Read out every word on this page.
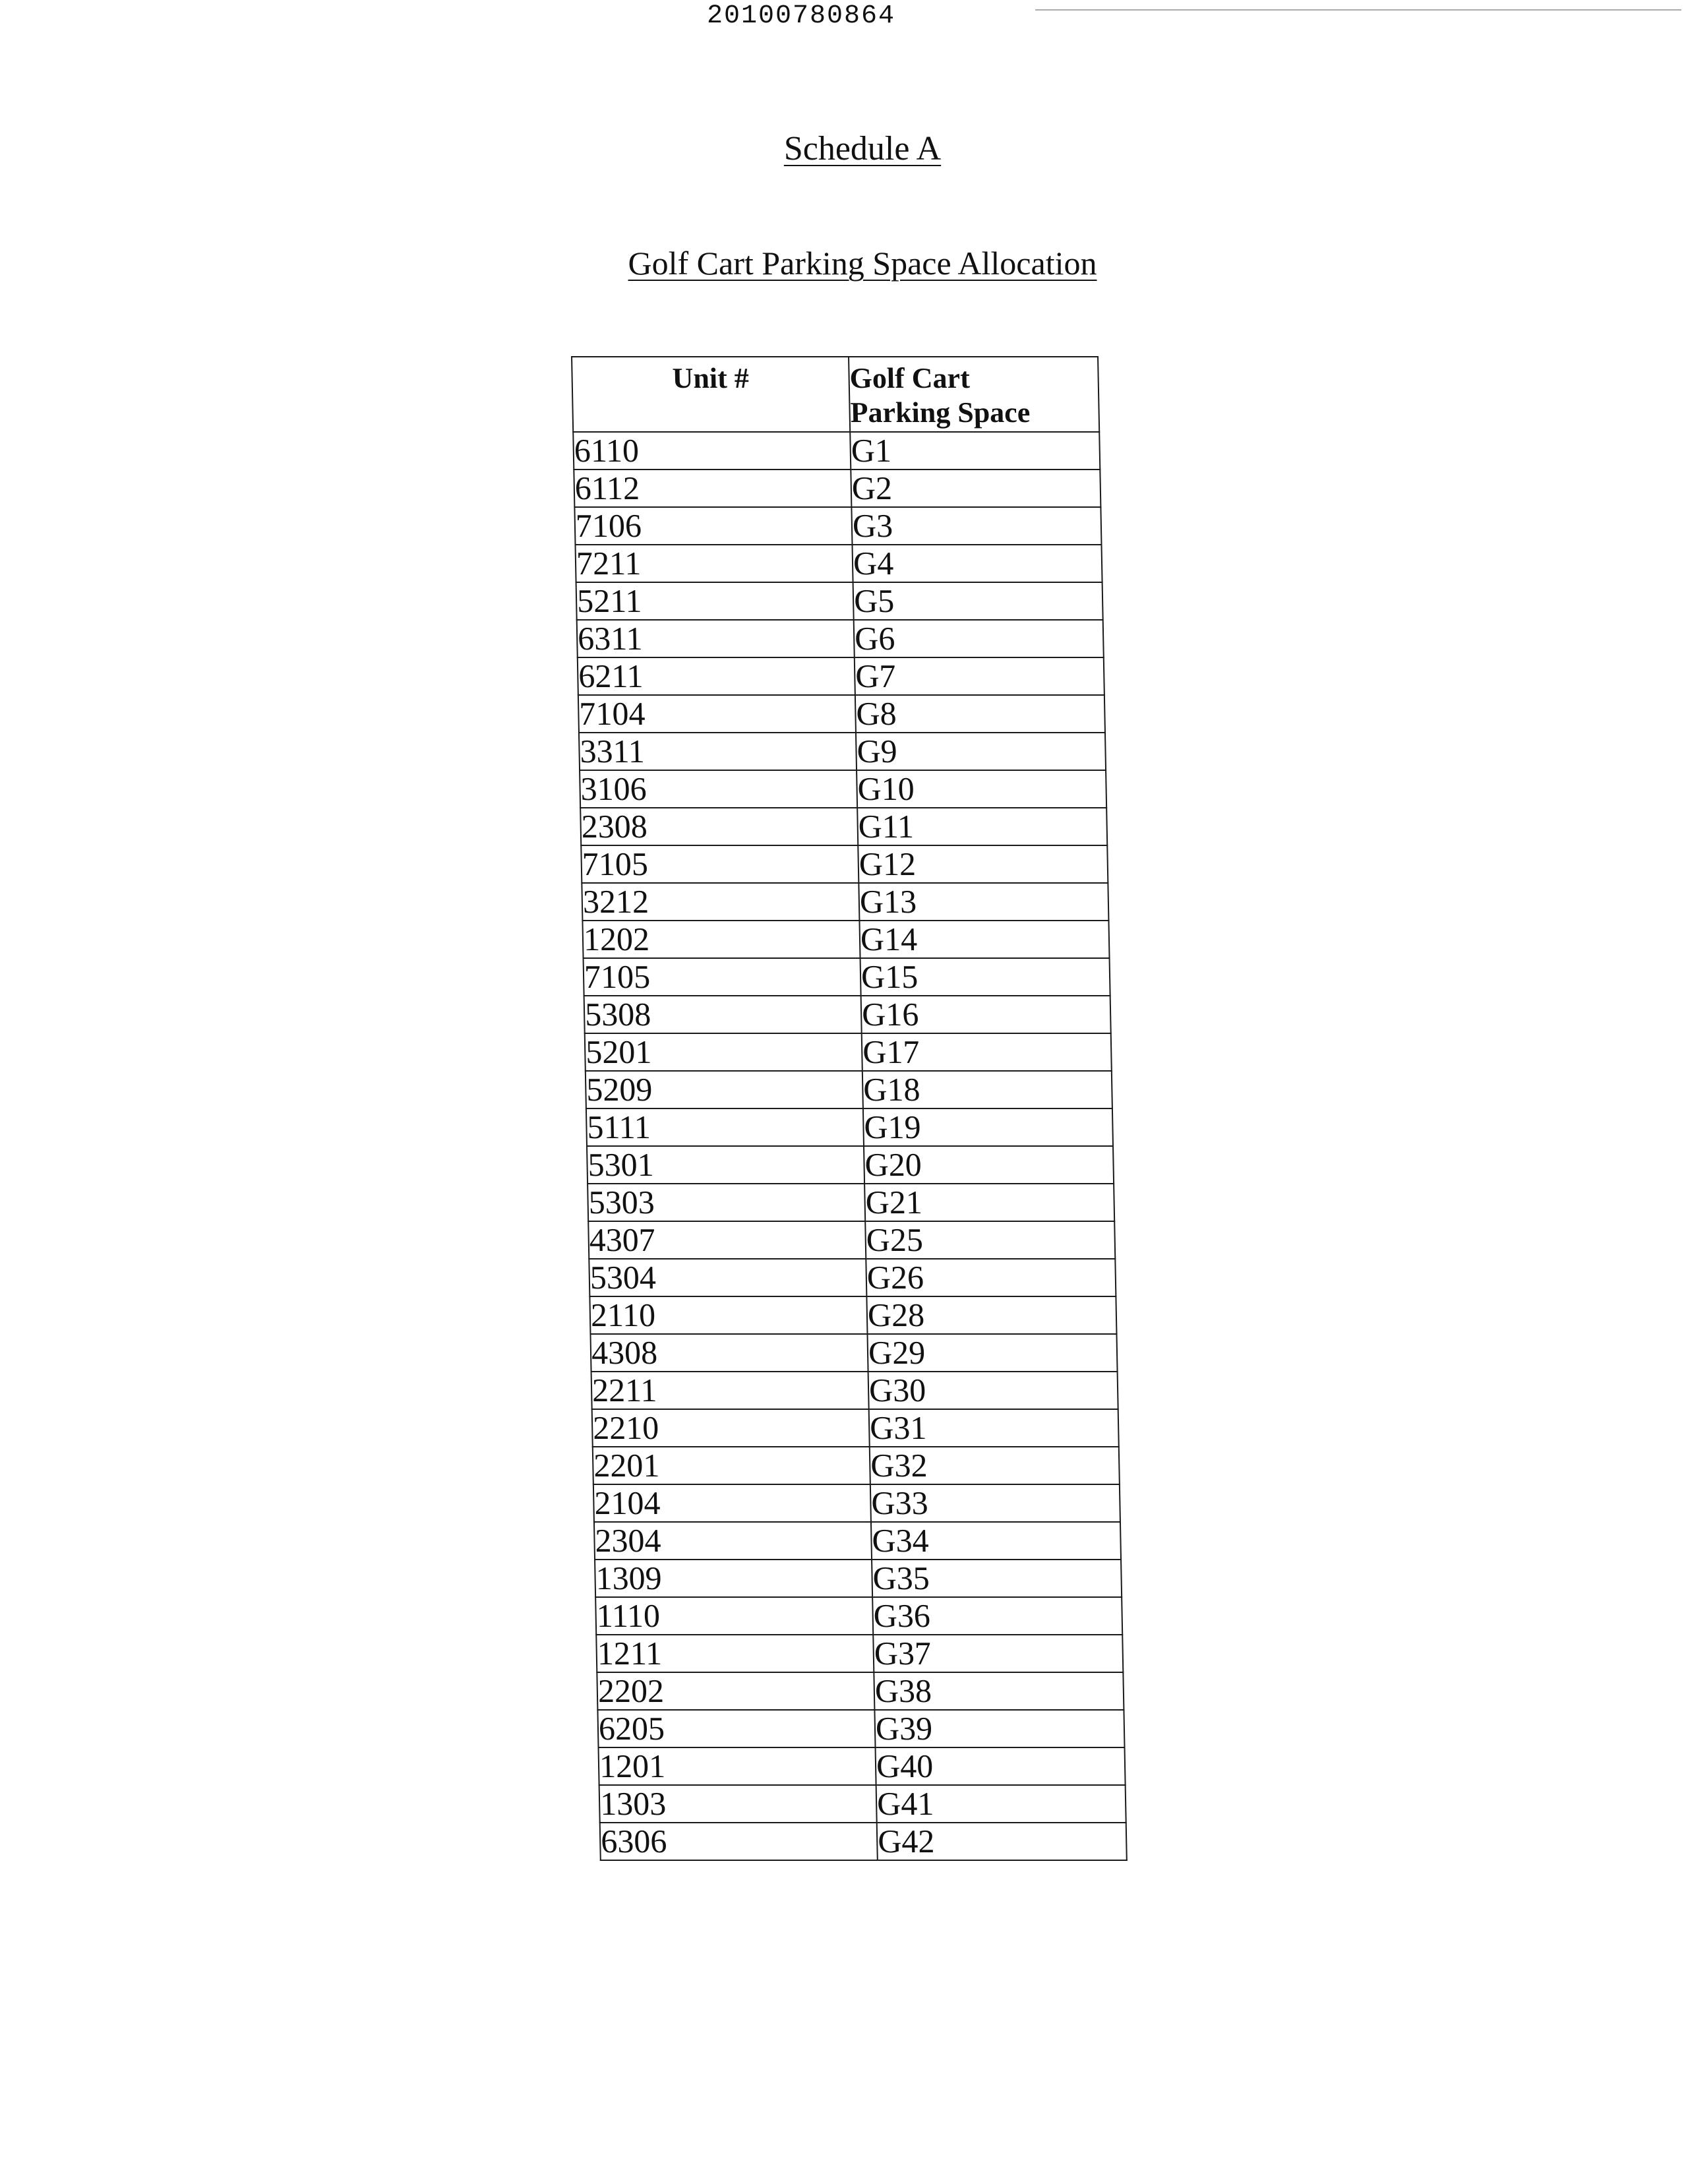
20100780864
Schedule A
Golf Cart Parking Space Allocation
Unit #	Golf Cart
Parking Space

6110	G1
6112	G2
7106	G3
7211	G4
5211	G5
6311	G6
6211	G7
7104	G8
3311	G9
3106	G10
2308	G11
7105	G12
3212	G13
1202	G14
7105	G15
5308	G16
5201	G17
5209	G18
5111	G19
5301	G20
5303	G21
4307	G25
5304	G26
2110	G28
4308	G29
2211	G30
2210	G31
2201	G32
2104	G33
2304	G34
1309	G35
1110	G36
1211	G37
2202	G38
6205	G39
1201	G40
1303	G41
6306	G42
